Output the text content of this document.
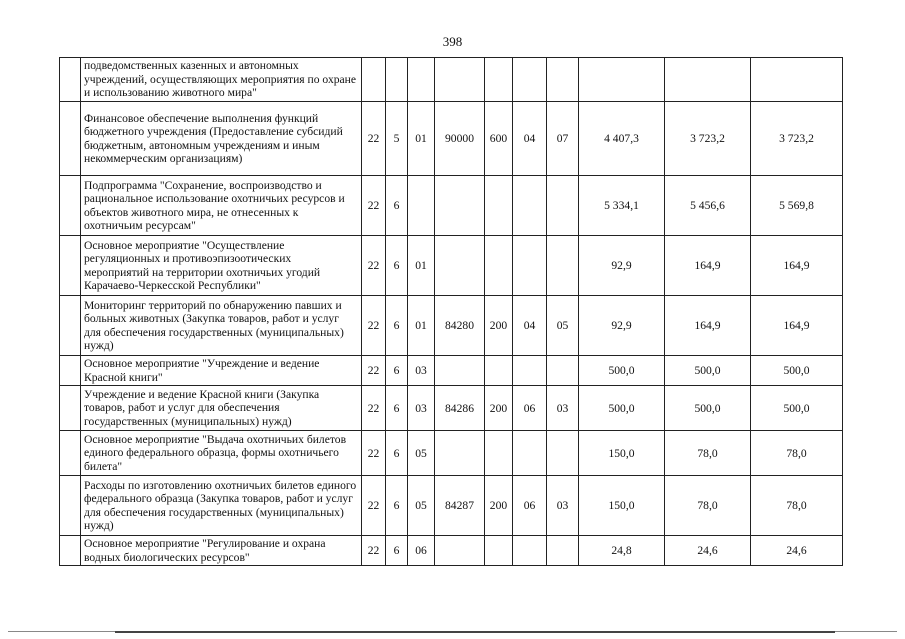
398
	подведомственных казенных и автономных учреждений, осуществляющих мероприятия по охране и использованию животного мира"										
	Финансовое обеспечение выполнения функций бюджетного учреждения (Предоставление субсидий бюджетным, автономным учреждениям и иным некоммерческим организациям)	22	5	01	90000	600	04	07	4 407,3	3 723,2	3 723,2
	Подпрограмма "Сохранение, воспроизводство и рациональное использование охотничьих ресурсов и объектов животного мира, не отнесенных к охотничьим ресурсам"	22	6						5 334,1	5 456,6	5 569,8
	Основное мероприятие "Осуществление регуляционных и противоэпизоотических мероприятий на территории охотничьих угодий Карачаево-Черкесской Республики"	22	6	01					92,9	164,9	164,9
	Мониторинг территорий по обнаружению павших и больных животных (Закупка товаров, работ и услуг для обеспечения государственных (муниципальных) нужд)	22	6	01	84280	200	04	05	92,9	164,9	164,9
	Основное мероприятие "Учреждение и ведение Красной книги"	22	6	03					500,0	500,0	500,0
	Учреждение и ведение Красной книги (Закупка товаров, работ и услуг для обеспечения государственных (муниципальных) нужд)	22	6	03	84286	200	06	03	500,0	500,0	500,0
	Основное мероприятие "Выдача охотничьих билетов единого федерального образца, формы охотничьего билета"	22	6	05					150,0	78,0	78,0
	Расходы по изготовлению охотничьих билетов единого федерального образца (Закупка товаров, работ и услуг для обеспечения государственных (муниципальных) нужд)	22	6	05	84287	200	06	03	150,0	78,0	78,0
	Основное мероприятие "Регулирование и охрана водных биологических ресурсов"	22	6	06					24,8	24,6	24,6
